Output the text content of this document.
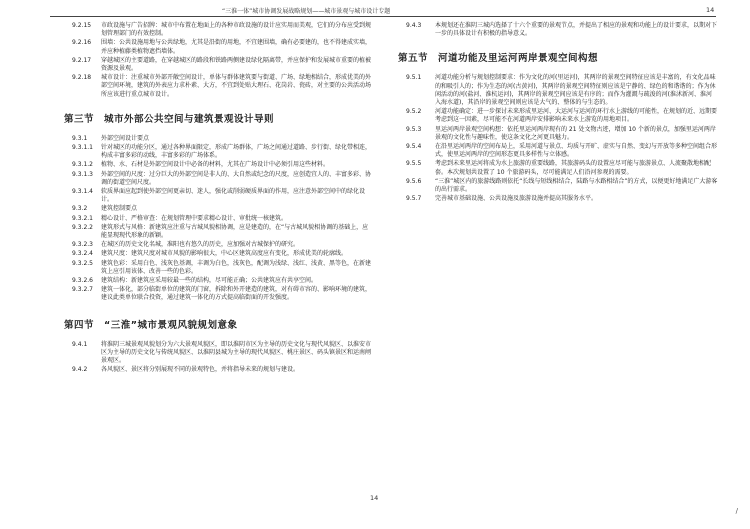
“三淮一体”城市协调发展战略规划——城市景观与城市设计专题	14
9.2.15 市政设施与广告招牌：城市中布置在地面上的各种市政设施的设计应实用而美观，它们的分布应受到规划管理部门的有效控制。
9.2.16 围墙：公共设施用地与公共绿地，尤其是沿街的用地，不宜建围墙，确有必要建的，也不得建成实墙，并应种植藤类植物遮挡墙体。
9.2.17 穿越城区的主要道路，在穿越城区的路段和铁路两侧建设绿化隔离带，并应保护和发展城市重要的植被资源及景观。
9.2.18 城市设计：注重城市外部开敞空间设计，单体与群体建筑要与街道、广场、绿地相结合，形成优美的外部空间环境，建筑的外表应力求朴素、大方，不宜到处贴大理石、花岗岩、瓷砖，对主要的公共活动场所应该进行重点城市设计。
第三节 城市外部公共空间与建筑景观设计导则
9.3.1 外部空间设计要点
9.3.1.1 针对城区的功能分区，通过各种界面限定，形成广场群体，广场之间通过道路、步行街、绿化带相连，构成丰富多彩的动线，丰富多彩的广场体系。
9.3.1.2 植物、水、石材是外部空间设计中必备的材料，尤其在广场设计中必须引用这些材料。
9.3.1.3 外部空间的尺度：过分巨大的外部空间是非人的、大自然或纪念的尺度，应创造宜人的、丰富多彩、协调的街道空间尺度。
9.3.1.4 软质界面应起到使外部空间更亲切、迷人，强化或削弱硬质界面的作用，应注意外部空间中的绿化设计。
9.3.2 建筑控制要点
9.3.2.1 精心设计、严格审查：在规划管理中要求精心设计、审批统一核建筑。
9.3.2.2 建筑形式与风格：新建筑应注重与古城风貌相协调，应是建造的，在“与古城风貌相协调的基础上，应能显现现代形象的新颖。
9.3.2.3 在城区的历史文化名城，准阳也有悠久的历史，应加强对古城保护的研究。
9.3.2.4 建筑尺度：建筑尺度对城市风貌的影响很大，中心区建筑高度应有变化，形成优美的轮廓线。
9.3.2.5 建筑色彩：采用白色、浅灰色基调，丰调为白色，浅灰色，配调为浅绿、浅红、浅黄、黑等色，在新建筑上应引用该体、改善一些的色彩。
9.3.2.6 建筑结构：新建筑应采用较最一些的结构，尽可能正确；公共建筑应有共享空间。
9.3.2.7 建筑一体化，部分临街单位的建筑的门窗，拆除和外开建造的建筑，对有碍市容的、影响环境的建筑，建议此类单位联合投资，通过建筑一体化的方式提高临街面的开发强度。
第四节 “三淮”城市景观风貌规划意象
9.4.1 将淮阴三城景观风貌划分为六大景观风貌区，即以淮阴市区为主导的历史文化与现代风貌区、以淮安市区为主导的历史文化与传统风貌区、以淮阴县城为主导的现代风貌区、桃庄景区、码头镇景区和运南闸景观区。
9.4.2 各风貌区、景区将分别展现不同的景观特色，并将指导未来的规划与建设。
9.4.3 本规划还在淮阴三城内选择了十六个重要的景观节点，并提出了相应的景观和功能上的设计要求，以期对下一步的具体设计有积极的指导意义。
第五节 河道功能及里运河两岸景观空间构想
9.5.1 河道功能分析与规划控制要求：作为文化的河(里运河)，其两岸的景观空间特征应该是丰富的，有文化品味的和吸引人的；作为生态的河(古黄河)，其两岸的景观空间特征则应该是宁静的、绿色的和谐谐的；作为休闲活动的河(盐河、淮杭运河)，其两岸的景观空间应该是有序的；而作为灌溉与疏浚的河(淮沭新河、淮河入海水道)，其沿岸的景观空间则应该是大气的、整体的与生态的。
9.5.2 河道功能确定：进一步探讨未来形成里运河、大运河与运河的环行水上游线的可能性，在规划的近、远期要考虑到这一因素，尽可能不在河道两岸安排影响未来水上游览的用地项目。
9.5.3 里运河两岸景观空间构想：依托里运河两岸现有的 21 处文物古迹，增加 10 个新的景点，加强里运河两岸景观的文化性与趣味性，使这条文化之河更具魅力。
9.5.4 在沿里运河两岸的空间布局上，采用河道与景点、均质与开旷、虚实与自然、变幻与开放等多种空间组合形式，使里运河两岸的空间形态更具多样性与立体感。
9.5.5 考虑到未来里运河将成为水上旅游的重要线路，其旅游码头的设置应尽可能与旅游景点、人流聚散地相配套。本次规划共设置了 10 个旅游码头，尽可能满足人们沿河参观的需要。
9.5.6 “三淮”城区内的旅游线路则依托“长线与短线相结合，陆路与水路相结合”的方式，以便更好地满足广大游客的出行需求。
9.5.7 完善城市基础设施、公共设施及旅游设施并提高其服务水平。
14
/
